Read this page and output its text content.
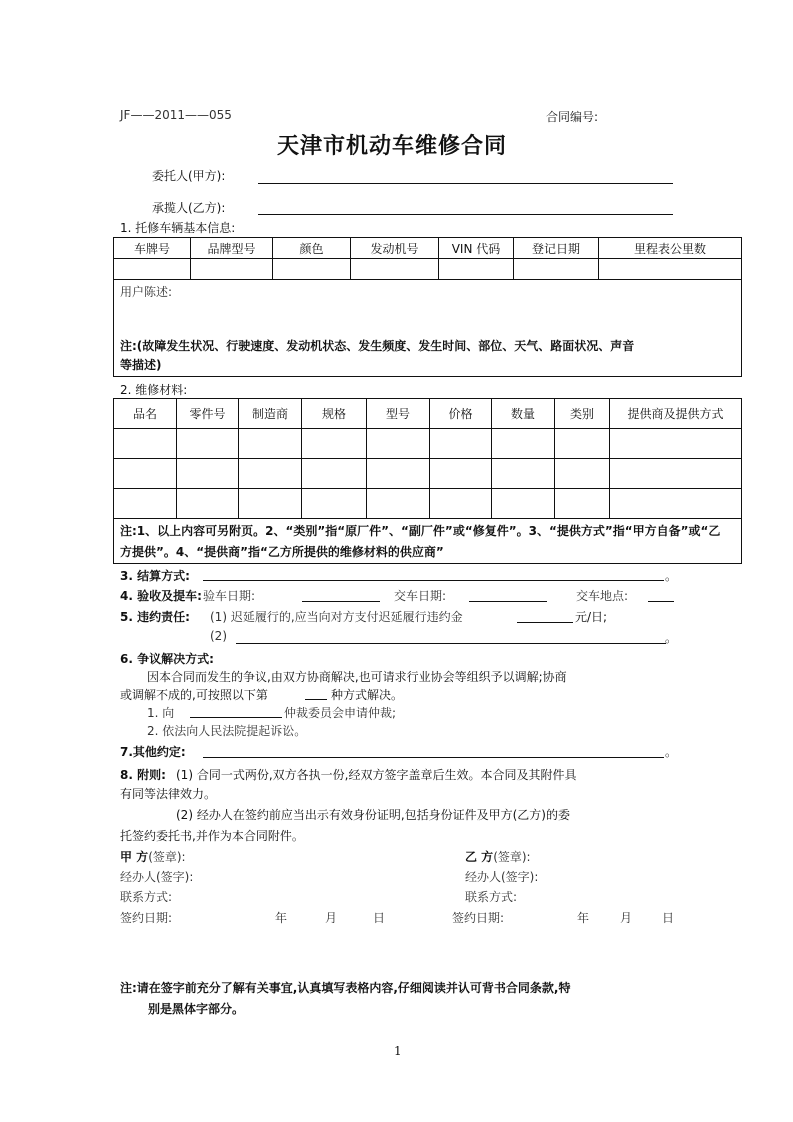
JF——2011——055	合同编号:
天津市机动车维修合同
委托人(甲方):
承揽人(乙方):
1. 托修车辆基本信息:
车牌号	品牌型号	颜色	发动机号	VIN 代码	登记日期	里程表公里数

用户陈述:
注:(故障发生状况、行驶速度、发动机状态、发生频度、发生时间、部位、天气、路面状况、声音
等描述)						
2. 维修材料:
品名	零件号	制造商	规格	型号	价格	数量	类别	提供商及提供方式

注:1、以上内容可另附页。2、“类别”指“原厂件”、“副厂件”或“修复件”。3、“提供方式”指“甲方自备”或“乙
方提供”。4、“提供商”指“乙方所提供的维修材料的供应商”								
3. 结算方式:	。
4. 验收及提车: 验车日期:	交车日期:	交车地点:
5. 违约责任: (1) 迟延履行的,应当向对方支付迟延履行违约金	元/日;
(2)	。
6. 争议解决方式:
因本合同而发生的争议,由双方协商解决,也可请求行业协会等组织予以调解;协商
或调解不成的,可按照以下第	种方式解决。
1. 向	仲裁委员会申请仲裁;
2. 依法向人民法院提起诉讼。
7.其他约定:	。
8. 附则: (1) 合同一式两份,双方各执一份,经双方签字盖章后生效。本合同及其附件具
有同等法律效力。
(2) 经办人在签约前应当出示有效身份证明,包括身份证件及甲方(乙方)的委
托签约委托书,并作为本合同附件。
甲 方(签章):	乙 方(签章):
经办人(签字):	经办人(签字):
联系方式:	联系方式:
签约日期:	年	月	日	签约日期:	年	月 日
注:请在签字前充分了解有关事宜,认真填写表格内容,仔细阅读并认可背书合同条款,特
别是黑体字部分。
1
